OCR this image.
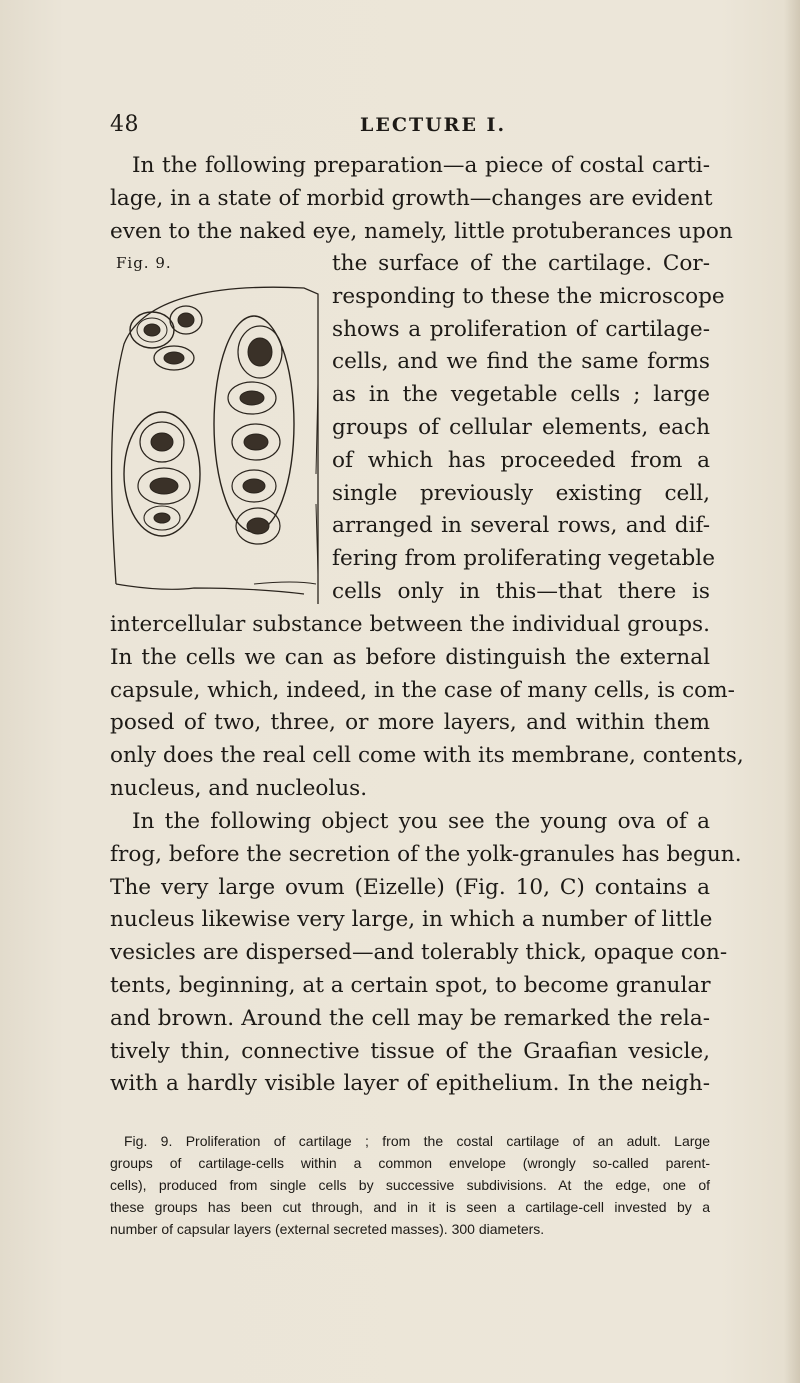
48	LECTURE I.
In the following preparation—a piece of costal carti-
lage, in a state of morbid growth—changes are evident
even to the naked eye, namely, little protuberances upon
Fig. 9.	the surface of the cartilage. Cor-
responding to these the microscope
shows a proliferation of cartilage-
cells, and we find the same forms
as in the vegetable cells ; large
groups of cellular elements, each
of which has proceeded from a
single previously existing cell,
arranged in several rows, and dif-
fering from proliferating vegetable
cells only in this—that there is
intercellular substance between the individual groups.
In the cells we can as before distinguish the external
capsule, which, indeed, in the case of many cells, is com-
posed of two, three, or more layers, and within them
only does the real cell come with its membrane, contents,
nucleus, and nucleolus.
In the following object you see the young ova of a
frog, before the secretion of the yolk-granules has begun.
The very large ovum (Eizelle) (Fig. 10, C) contains a
nucleus likewise very large, in which a number of little
vesicles are dispersed—and tolerably thick, opaque con-
tents, beginning, at a certain spot, to become granular
and brown. Around the cell may be remarked the rela-
tively thin, connective tissue of the Graafian vesicle,
with a hardly visible layer of epithelium. In the neigh-
Fig. 9. Proliferation of cartilage ; from the costal cartilage of an adult. Large
groups of cartilage-cells within a common envelope (wrongly so-called parent-
cells), produced from single cells by successive subdivisions. At the edge, one of
these groups has been cut through, and in it is seen a cartilage-cell invested by a
number of capsular layers (external secreted masses). 300 diameters.
